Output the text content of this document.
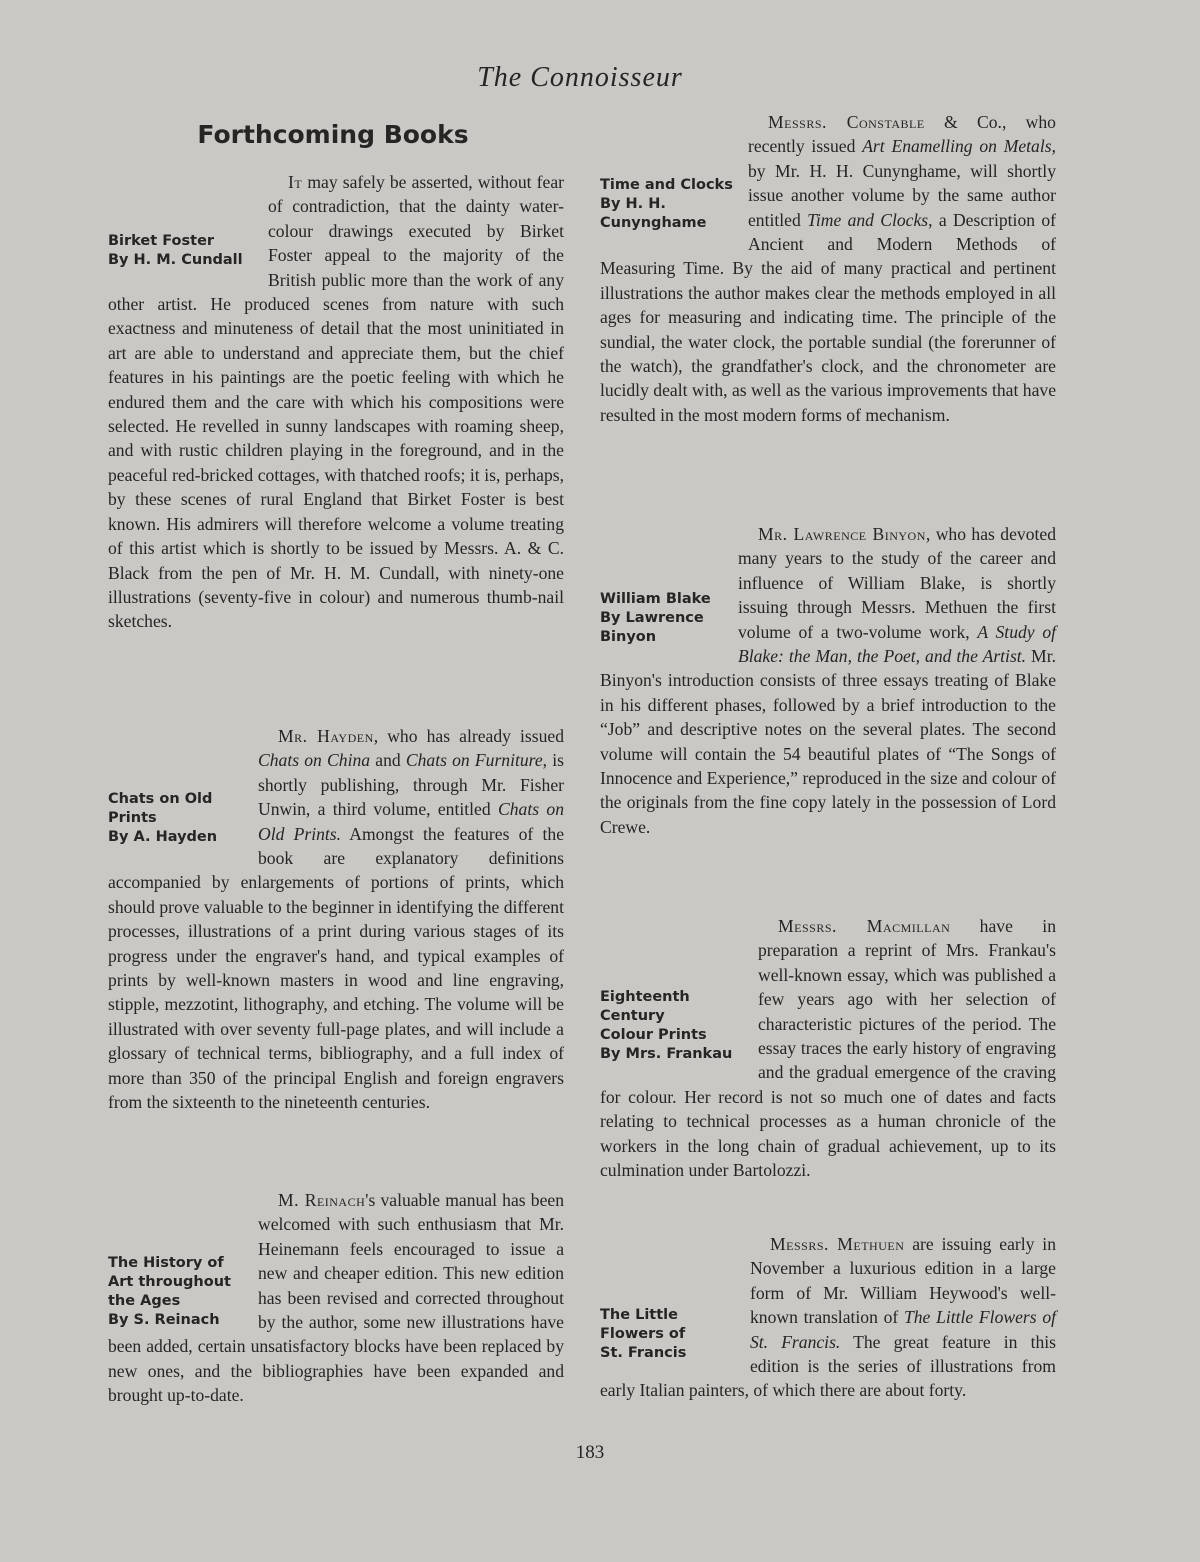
The Connoisseur
Forthcoming Books
Birket Foster
By H. M. Cundall

It may safely be asserted, without fear of contradiction, that the dainty water-colour drawings executed by Birket Foster appeal to the majority of the British public more than the work of any other artist. He produced scenes from nature with such exactness and minuteness of detail that the most uninitiated in art are able to understand and appreciate them, but the chief features in his paintings are the poetic feeling with which he endured them and the care with which his compositions were selected. He revelled in sunny landscapes with roaming sheep, and with rustic children playing in the foreground, and in the peaceful red-bricked cottages, with thatched roofs; it is, perhaps, by these scenes of rural England that Birket Foster is best known. His admirers will therefore welcome a volume treating of this artist which is shortly to be issued by Messrs. A. & C. Black from the pen of Mr. H. M. Cundall, with ninety-one illustrations (seventy-five in colour) and numerous thumb-nail sketches.

Chats on Old
Prints
By A. Hayden

Mr. Hayden, who has already issued Chats on China and Chats on Furniture, is shortly publishing, through Mr. Fisher Unwin, a third volume, entitled Chats on Old Prints. Amongst the features of the book are explanatory definitions accompanied by enlargements of portions of prints, which should prove valuable to the beginner in identifying the different processes, illustrations of a print during various stages of its progress under the engraver's hand, and typical examples of prints by well-known masters in wood and line engraving, stipple, mezzotint, lithography, and etching. The volume will be illustrated with over seventy full-page plates, and will include a glossary of technical terms, bibliography, and a full index of more than 350 of the principal English and foreign engravers from the sixteenth to the nineteenth centuries.

The History of
Art throughout
the Ages
By S. Reinach

M. Reinach's valuable manual has been welcomed with such enthusiasm that Mr. Heinemann feels encouraged to issue a new and cheaper edition. This new edition has been revised and corrected throughout by the author, some new illustrations have been added, certain unsatisfactory blocks have been replaced by new ones, and the bibliographies have been expanded and brought up-to-date.

Time and Clocks
By H. H.
Cunynghame

Messrs. Constable & Co., who recently issued Art Enamelling on Metals, by Mr. H. H. Cunynghame, will shortly issue another volume by the same author entitled Time and Clocks, a Description of Ancient and Modern Methods of Measuring Time. By the aid of many practical and pertinent illustrations the author makes clear the methods employed in all ages for measuring and indicating time. The principle of the sundial, the water clock, the portable sundial (the forerunner of the watch), the grandfather's clock, and the chronometer are lucidly dealt with, as well as the various improvements that have resulted in the most modern forms of mechanism.

William Blake
By Lawrence
Binyon

Mr. Lawrence Binyon, who has devoted many years to the study of the career and influence of William Blake, is shortly issuing through Messrs. Methuen the first volume of a two-volume work, A Study of Blake: the Man, the Poet, and the Artist. Mr. Binyon's introduction consists of three essays treating of Blake in his different phases, followed by a brief introduction to the “Job” and descriptive notes on the several plates. The second volume will contain the 54 beautiful plates of “The Songs of Innocence and Experience,” reproduced in the size and colour of the originals from the fine copy lately in the possession of Lord Crewe.

Eighteenth
Century
Colour Prints
By Mrs. Frankau

Messrs. Macmillan have in preparation a reprint of Mrs. Frankau's well-known essay, which was published a few years ago with her selection of characteristic pictures of the period. The essay traces the early history of engraving and the gradual emergence of the craving for colour. Her record is not so much one of dates and facts relating to technical processes as a human chronicle of the workers in the long chain of gradual achievement, up to its culmination under Bartolozzi.

The Little
Flowers of
St. Francis

Messrs. Methuen are issuing early in November a luxurious edition in a large form of Mr. William Heywood's well-known translation of The Little Flowers of St. Francis. The great feature in this edition is the series of illustrations from early Italian painters, of which there are about forty.

183
